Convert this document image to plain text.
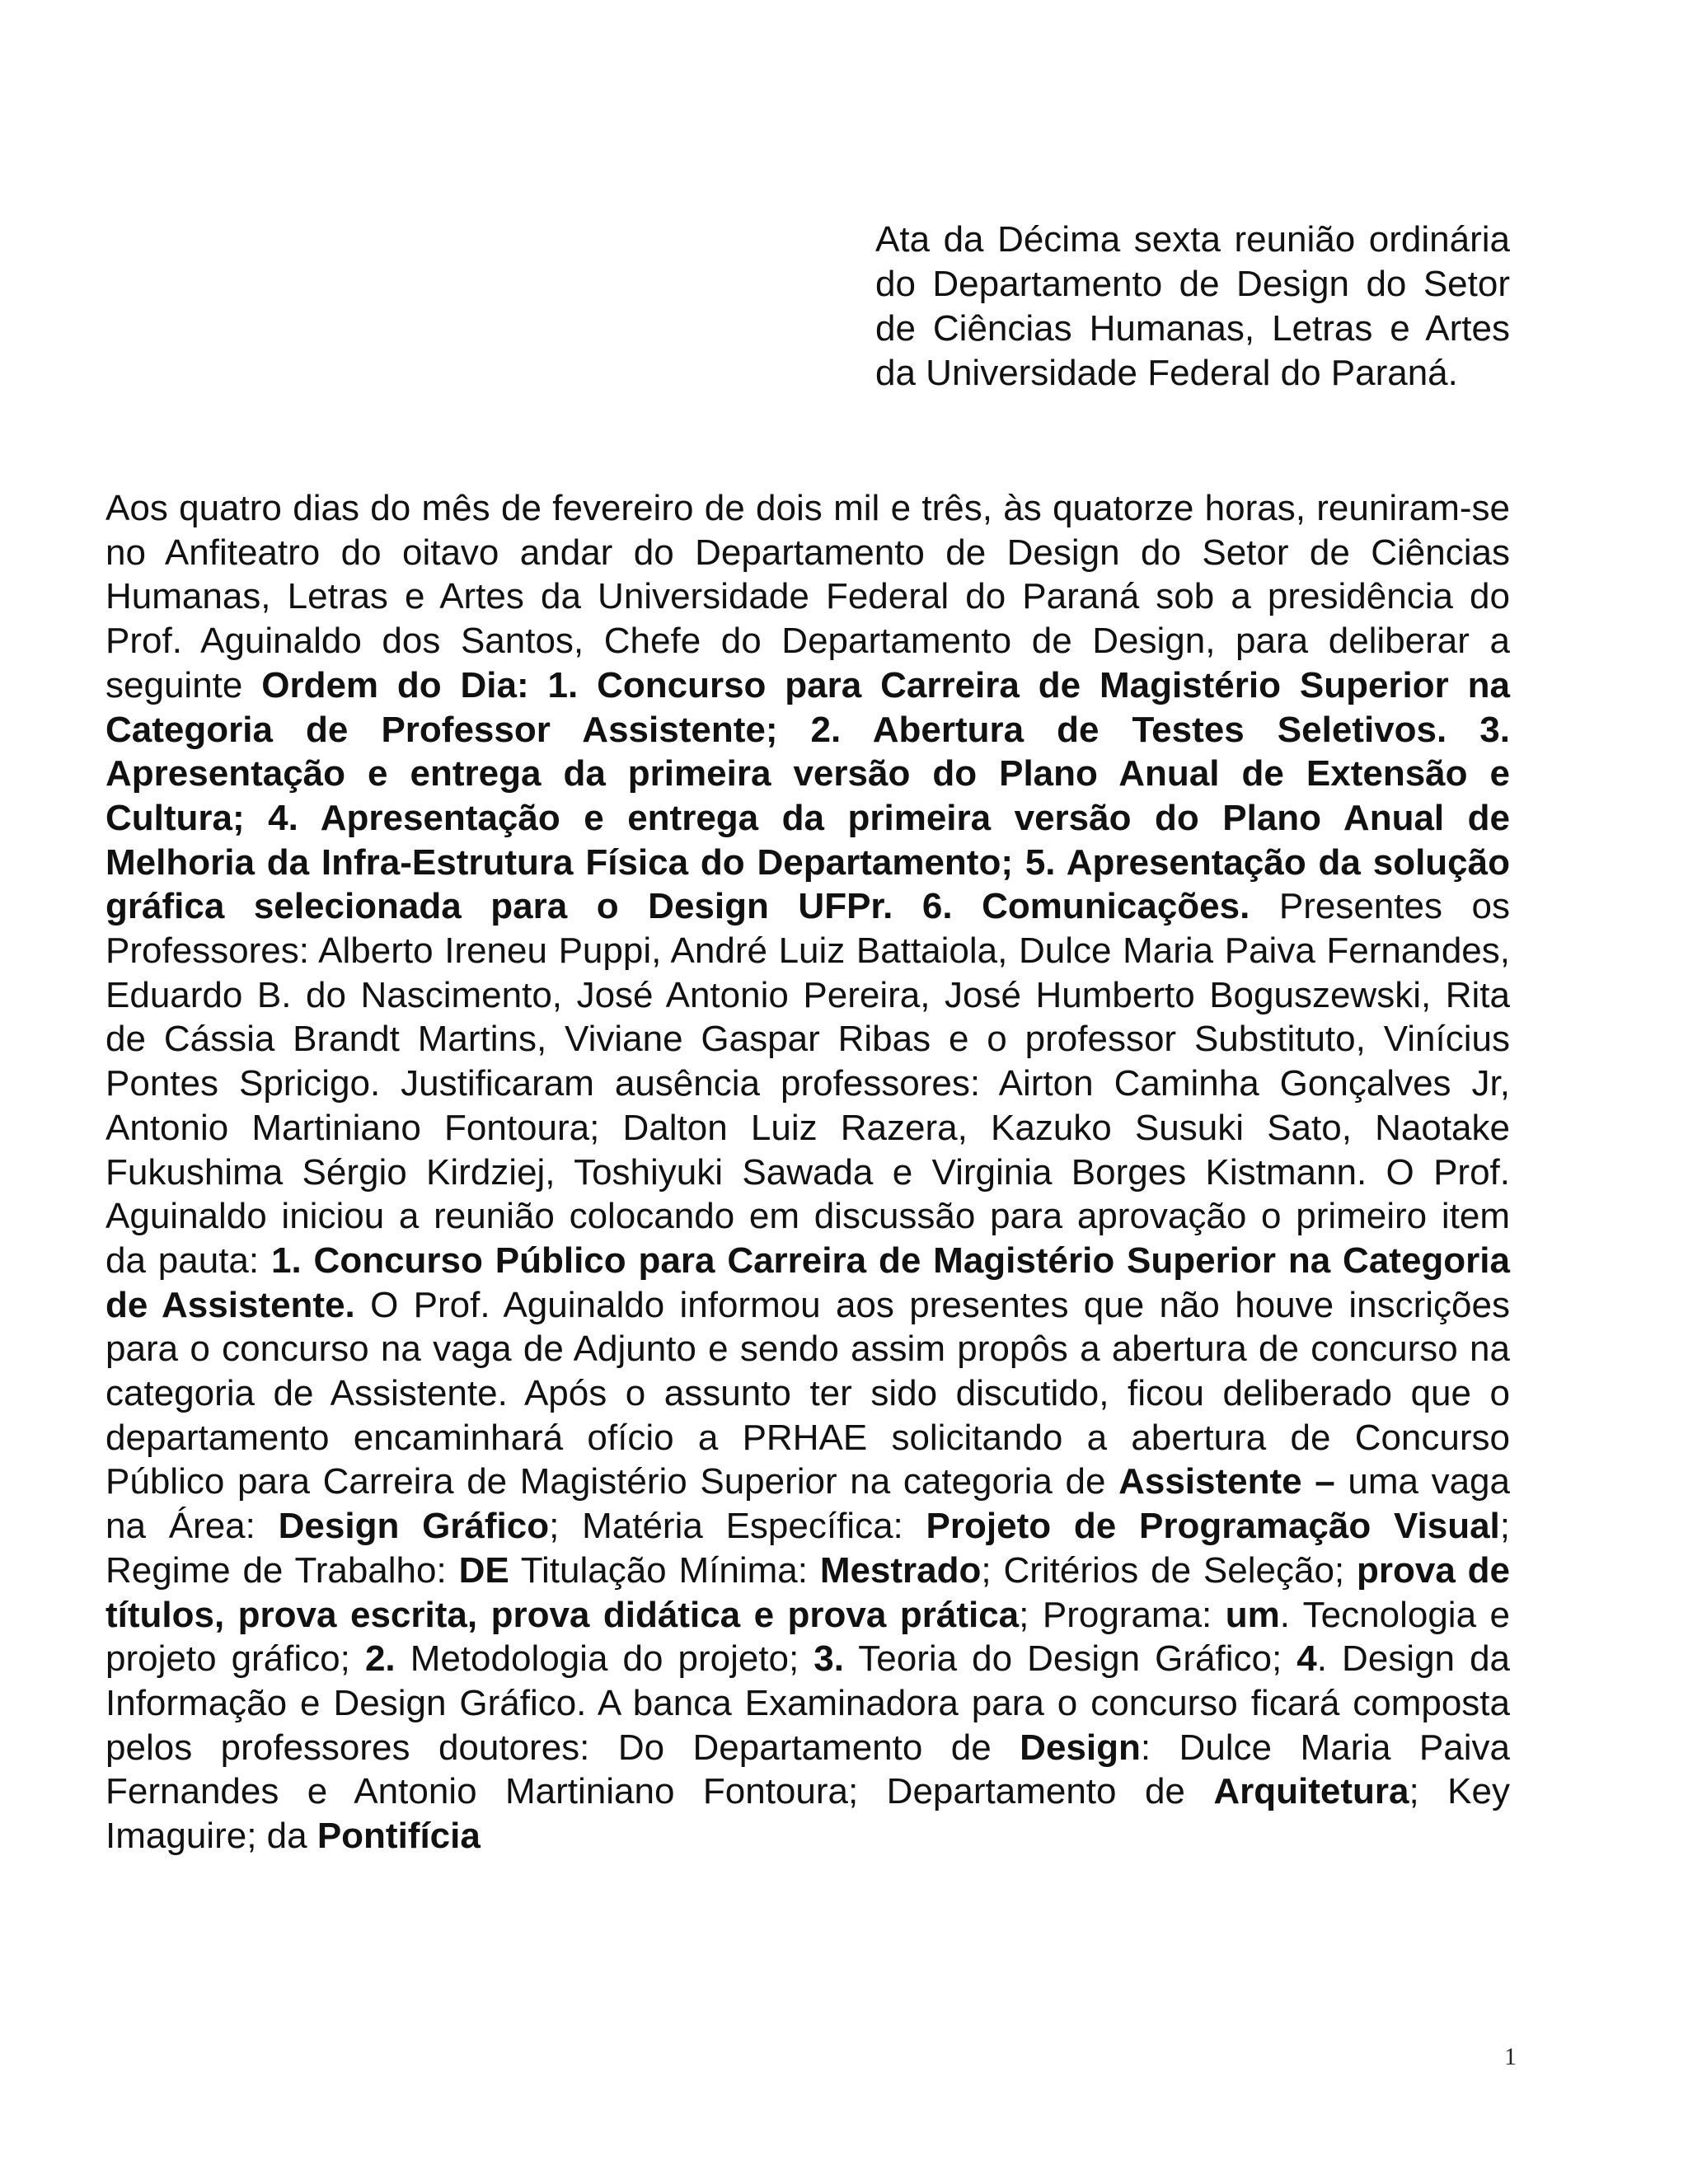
Ata da Décima sexta reunião ordinária do Departamento de Design do Setor de Ciências Humanas, Letras e Artes da Universidade Federal do Paraná.

Aos quatro dias do mês de fevereiro de dois mil e três, às quatorze horas, reuniram-se no Anfiteatro do oitavo andar do Departamento de Design do Setor de Ciências Humanas, Letras e Artes da Universidade Federal do Paraná sob a presidência do Prof. Aguinaldo dos Santos, Chefe do Departamento de Design, para deliberar a seguinte Ordem do Dia: 1. Concurso para Carreira de Magistério Superior na Categoria de Professor Assistente; 2. Abertura de Testes Seletivos. 3. Apresentação e entrega da primeira versão do Plano Anual de Extensão e Cultura; 4. Apresentação e entrega da primeira versão do Plano Anual de Melhoria da Infra-Estrutura Física do Departamento; 5. Apresentação da solução gráfica selecionada para o Design UFPr. 6. Comunicações. Presentes os Professores: Alberto Ireneu Puppi, André Luiz Battaiola, Dulce Maria Paiva Fernandes, Eduardo B. do Nascimento, José Antonio Pereira, José Humberto Boguszewski, Rita de Cássia Brandt Martins, Viviane Gaspar Ribas e o professor Substituto, Vinícius Pontes Spricigo. Justificaram ausência professores: Airton Caminha Gonçalves Jr, Antonio Martiniano Fontoura; Dalton Luiz Razera, Kazuko Susuki Sato, Naotake Fukushima Sérgio Kirdziej, Toshiyuki Sawada e Virginia Borges Kistmann. O Prof. Aguinaldo iniciou a reunião colocando em discussão para aprovação o primeiro item da pauta: 1. Concurso Público para Carreira de Magistério Superior na Categoria de Assistente. O Prof. Aguinaldo informou aos presentes que não houve inscrições para o concurso na vaga de Adjunto e sendo assim propôs a abertura de concurso na categoria de Assistente. Após o assunto ter sido discutido, ficou deliberado que o departamento encaminhará ofício a PRHAE solicitando a abertura de Concurso Público para Carreira de Magistério Superior na categoria de Assistente – uma vaga na Área: Design Gráfico; Matéria Específica: Projeto de Programação Visual; Regime de Trabalho: DE Titulação Mínima: Mestrado; Critérios de Seleção; prova de títulos, prova escrita, prova didática e prova prática; Programa: um. Tecnologia e projeto gráfico; 2. Metodologia do projeto; 3. Teoria do Design Gráfico; 4. Design da Informação e Design Gráfico. A banca Examinadora para o concurso ficará composta pelos professores doutores: Do Departamento de Design: Dulce Maria Paiva Fernandes e Antonio Martiniano Fontoura; Departamento de Arquitetura; Key Imaguire; da Pontifícia

1
